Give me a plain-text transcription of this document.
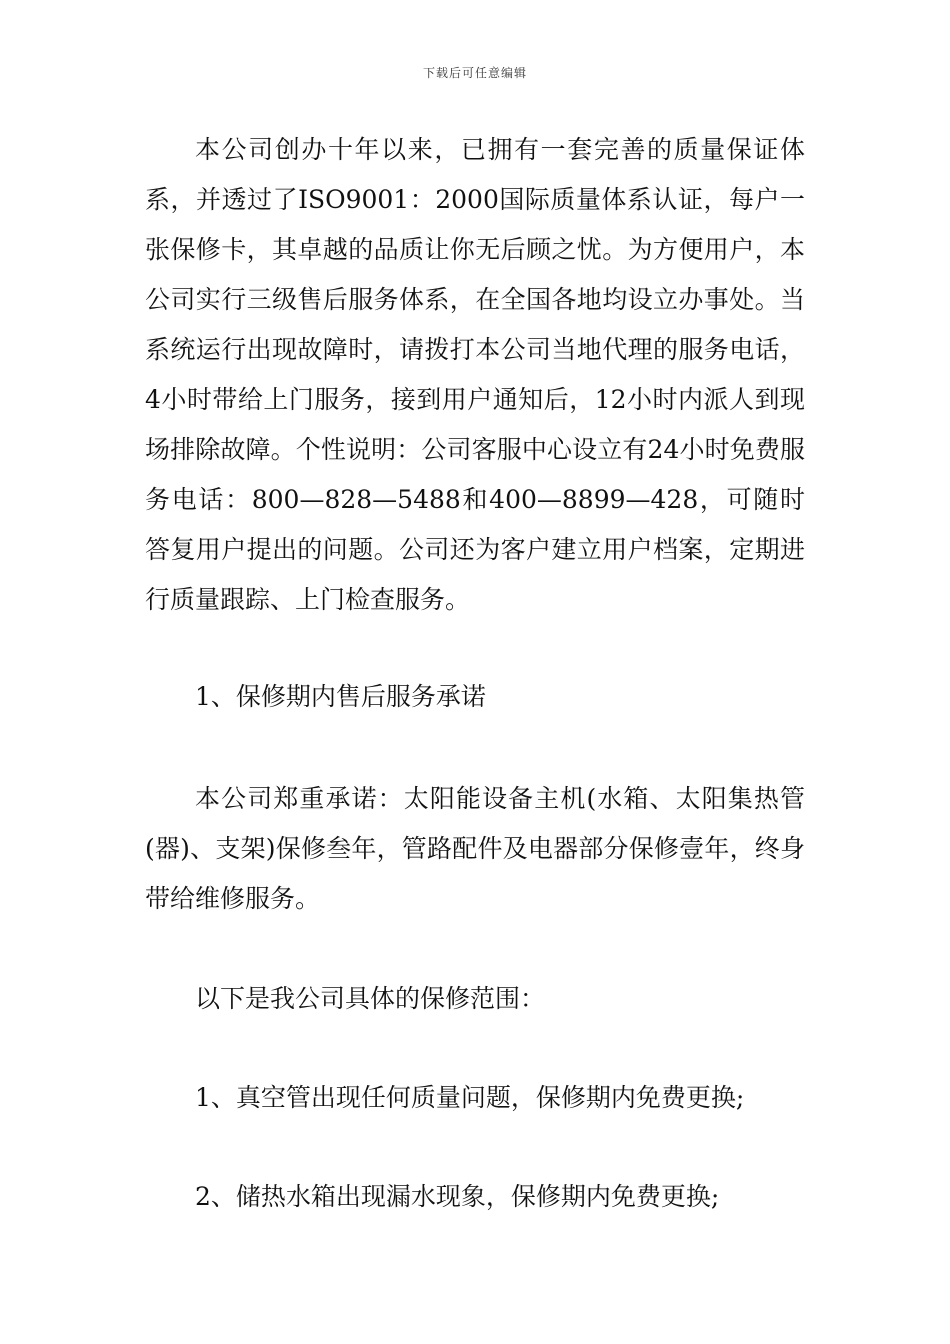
下载后可任意编辑

本公司创办十年以来，已拥有一套完善的质量保证体系，并透过了ISO9001：2000国际质量体系认证，每户一张保修卡，其卓越的品质让你无后顾之忧。为方便用户，本公司实行三级售后服务体系，在全国各地均设立办事处。当系统运行出现故障时，请拨打本公司当地代理的服务电话，4小时带给上门服务，接到用户通知后，12小时内派人到现场排除故障。个性说明：公司客服中心设立有24小时免费服务电话：800—828—5488和400—8899—428，可随时答复用户提出的问题。公司还为客户建立用户档案，定期进行质量跟踪、上门检查服务。

1、保修期内售后服务承诺

本公司郑重承诺：太阳能设备主机(水箱、太阳集热管(器)、支架)保修叁年，管路配件及电器部分保修壹年，终身带给维修服务。

以下是我公司具体的保修范围：

1、真空管出现任何质量问题，保修期内免费更换;

2、储热水箱出现漏水现象，保修期内免费更换;
